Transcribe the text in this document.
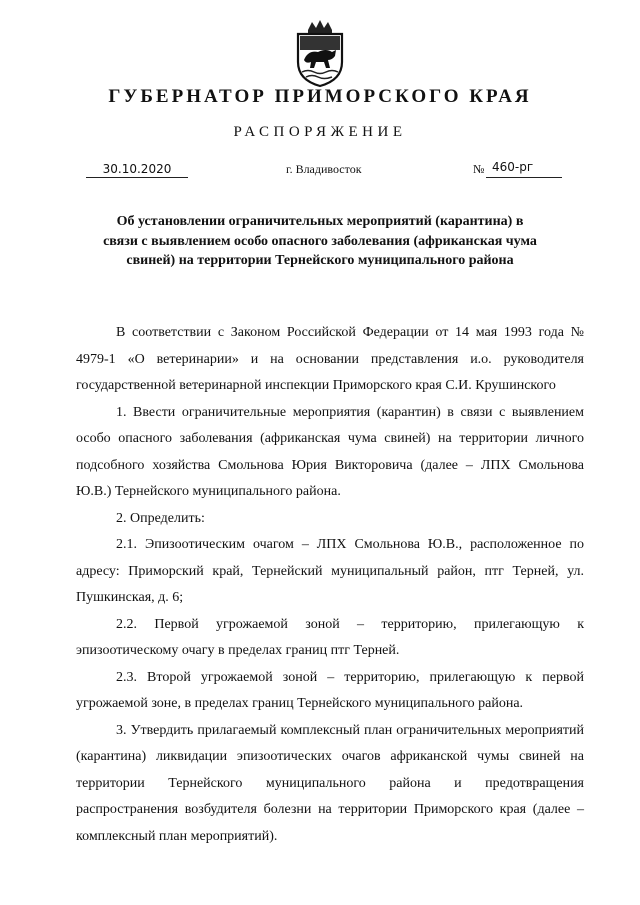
ГУБЕРНАТОР ПРИМОРСКОГО КРАЯ
РАСПОРЯЖЕНИЕ
30.10.2020	г. Владивосток	№ 460-рг
Об установлении ограничительных мероприятий (карантина) в связи с выявлением особо опасного заболевания (африканская чума свиней) на территории Тернейского муниципального района

В соответствии с Законом Российской Федерации от 14 мая 1993 года № 4979-1 «О ветеринарии» и на основании представления и.о. руководителя государственной ветеринарной инспекции Приморского края С.И. Крушинского

1. Ввести ограничительные мероприятия (карантин) в связи с выявлением особо опасного заболевания (африканская чума свиней) на территории личного подсобного хозяйства Смольнова Юрия Викторовича (далее – ЛПХ Смольнова Ю.В.) Тернейского муниципального района.

2. Определить:

2.1. Эпизоотическим очагом – ЛПХ Смольнова Ю.В., расположенное по адресу: Приморский край, Тернейский муниципальный район, птг Терней, ул. Пушкинская, д. 6;

2.2. Первой угрожаемой зоной – территорию, прилегающую к эпизоотическому очагу в пределах границ птг Терней.

2.3. Второй угрожаемой зоной – территорию, прилегающую к первой угрожаемой зоне, в пределах границ Тернейского муниципального района.

3. Утвердить прилагаемый комплексный план ограничительных мероприятий (карантина) ликвидации эпизоотических очагов африканской чумы свиней на территории Тернейского муниципального района и предотвращения распространения возбудителя болезни на территории Приморского края (далее – комплексный план мероприятий).
